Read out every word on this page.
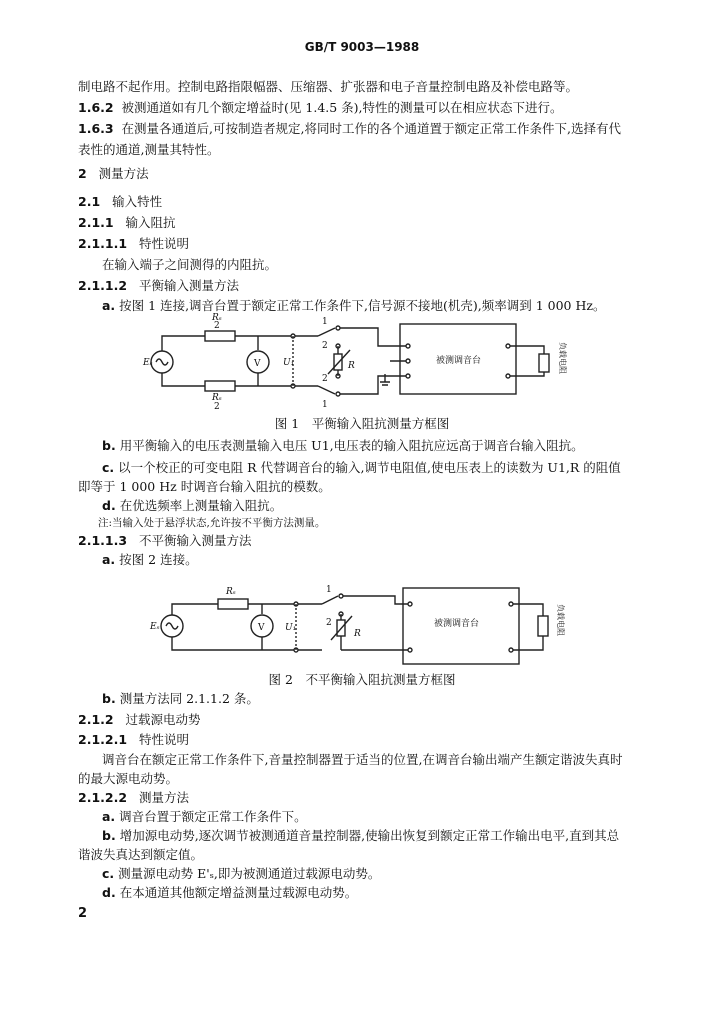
GB/T 9003—1988
制电路不起作用。控制电路指限幅器、压缩器、扩张器和电子音量控制电路及补偿电路等。
1.6.2 被测通道如有几个额定增益时(见 1.4.5 条),特性的测量可以在相应状态下进行。
1.6.3 在测量各通道后,可按制造者规定,将同时工作的各个通道置于额定正常工作条件下,选择有代
表性的通道,测量其特性。
2 测量方法
2.1 输入特性
2.1.1 输入阻抗
2.1.1.1 特性说明
在输入端子之间测得的内阻抗。
2.1.1.2 平衡输入测量方法
a. 按图 1 连接,调音台置于额定正常工作条件下,信号源不接地(机壳),频率调到 1 000 Hz。
Rₛ
2
Rₛ
2
Eₛ	V	U₁	R
1
2
2
1
被测调音台	负载电阻
图 1　平衡输入阻抗测量方框图
b. 用平衡输入的电压表测量输入电压 U1,电压表的输入阻抗应远高于调音台输入阻抗。
c. 以一个校正的可变电阻 R 代替调音台的输入,调节电阻值,使电压表上的读数为 U1,R 的阻值
即等于 1 000 Hz 时调音台输入阻抗的模数。
d. 在优选频率上测量输入阻抗。
注:当输入处于悬浮状态,允许按不平衡方法测量。
2.1.1.3 不平衡输入测量方法
a. 按图 2 连接。
Rₛ
Eₛ	V U₁
R
1
2	被测调音台	负载电阻
图 2　不平衡输入阻抗测量方框图
b. 测量方法同 2.1.1.2 条。
2.1.2 过载源电动势
2.1.2.1 特性说明
调音台在额定正常工作条件下,音量控制器置于适当的位置,在调音台输出端产生额定谐波失真时
的最大源电动势。
2.1.2.2 测量方法
a. 调音台置于额定正常工作条件下。
b. 增加源电动势,逐次调节被测通道音量控制器,使输出恢复到额定正常工作输出电平,直到其总
谐波失真达到额定值。
c. 测量源电动势 E'ₛ,即为被测通道过载源电动势。
d. 在本通道其他额定增益测量过载源电动势。
2
